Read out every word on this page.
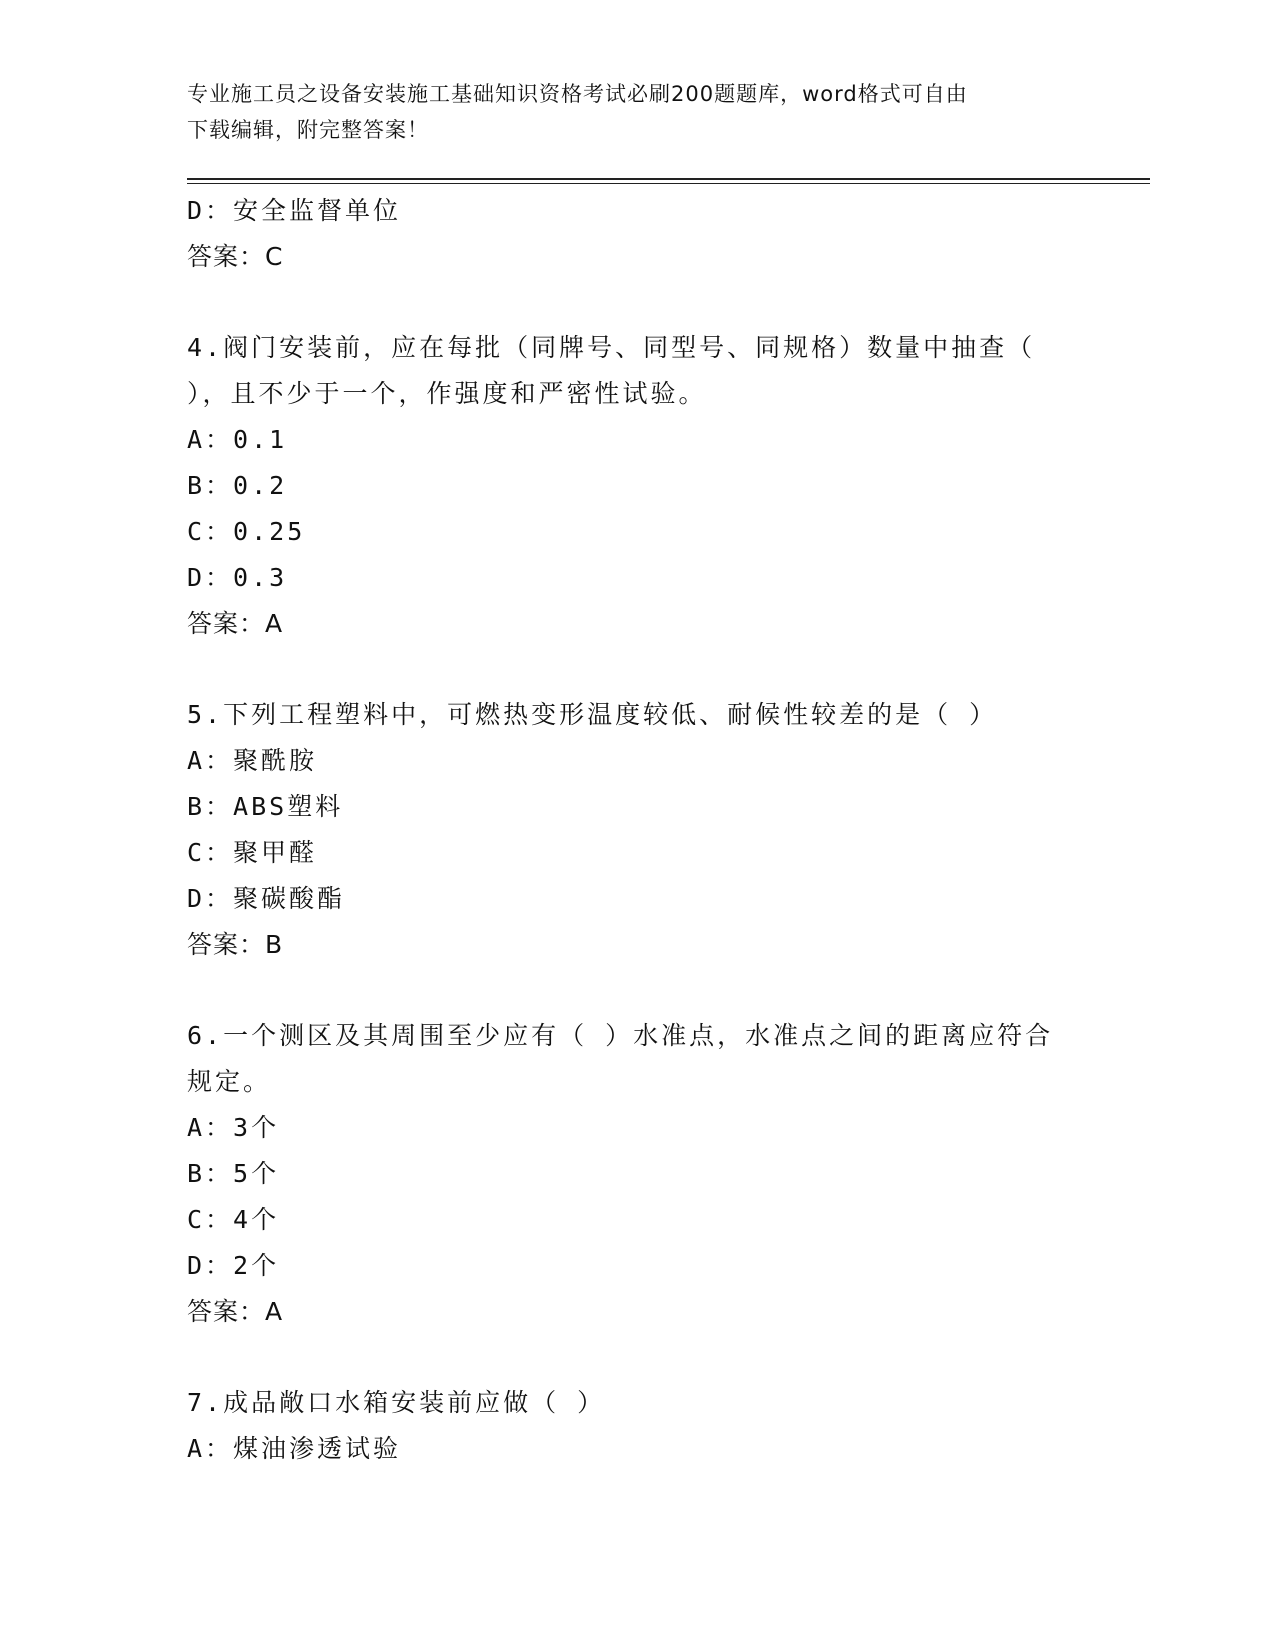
专业施工员之设备安装施工基础知识资格考试必刷200题题库，word格式可自由
下载编辑，附完整答案！
D：安全监督单位
答案：C
4.阀门安装前，应在每批（同牌号、同型号、同规格）数量中抽查（
），且不少于一个，作强度和严密性试验。
A：0.1
B：0.2
C：0.25
D：0.3
答案：A
5.下列工程塑料中，可燃热变形温度较低、耐候性较差的是（ ）
A：聚酰胺
B：ABS塑料
C：聚甲醛
D：聚碳酸酯
答案：B
6.一个测区及其周围至少应有（ ）水准点，水准点之间的距离应符合
规定。
A：3个
B：5个
C：4个
D：2个
答案：A
7.成品敞口水箱安装前应做（ ）
A：煤油渗透试验
